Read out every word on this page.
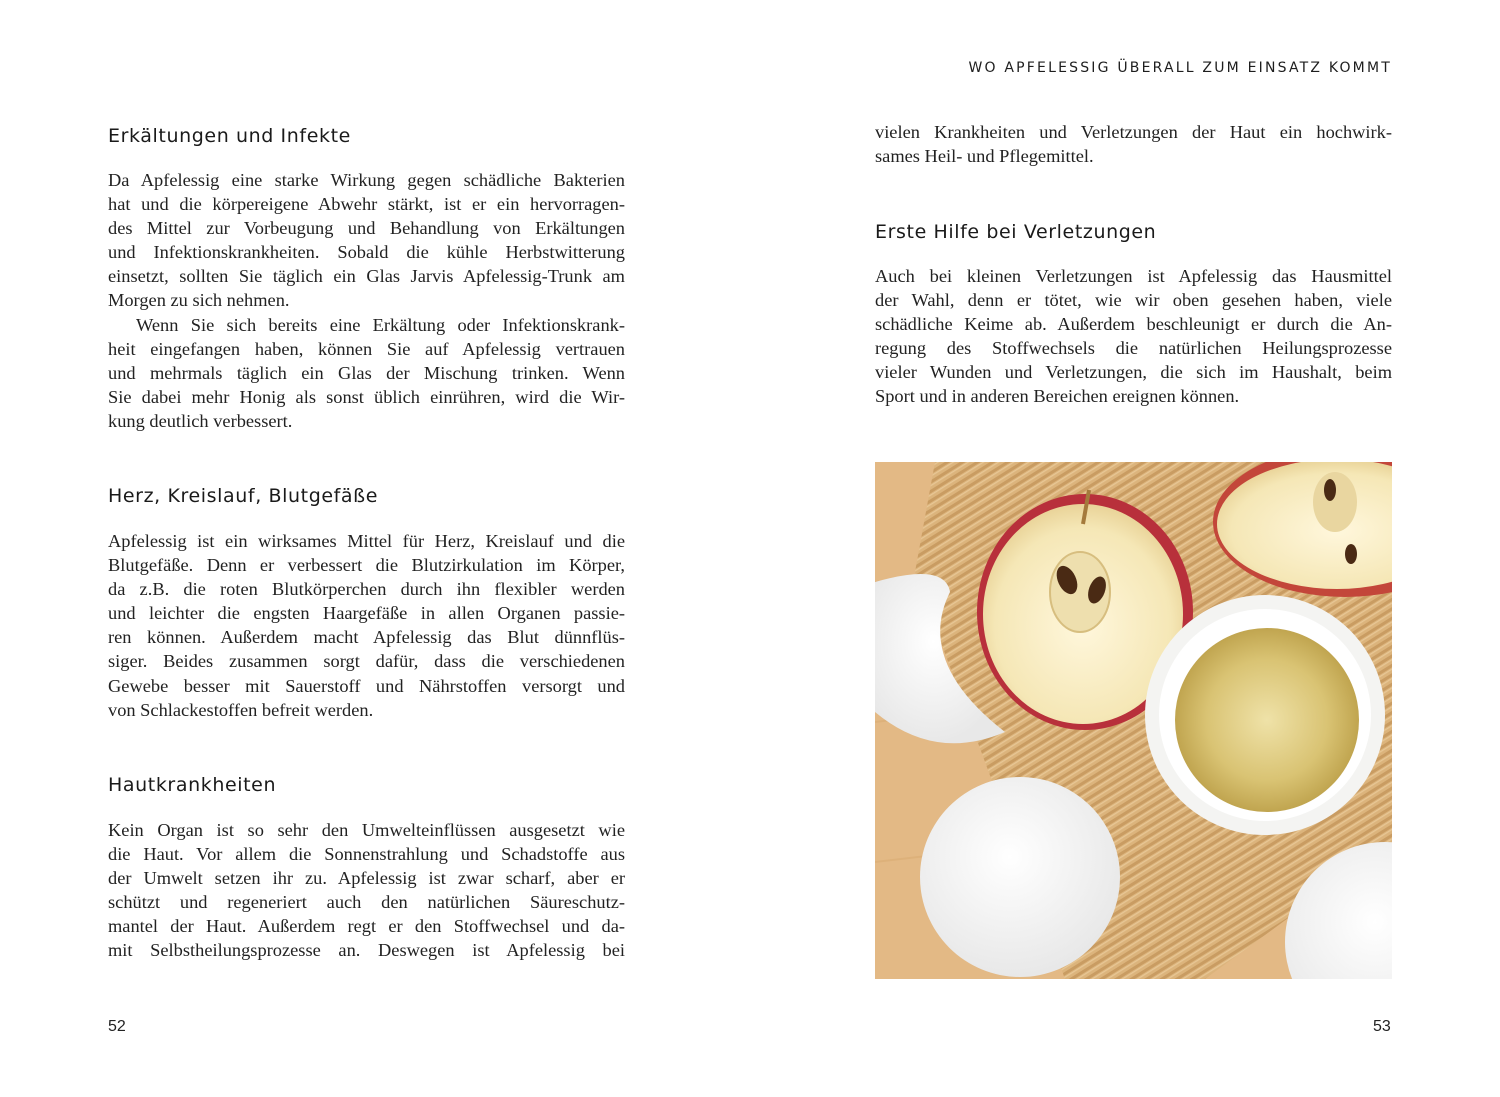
Erkältungen und Infekte
Da Apfelessig eine starke Wirkung gegen schädliche Bakterien
hat und die körpereigene Abwehr stärkt, ist er ein hervorragen-
des Mittel zur Vorbeugung und Behandlung von Erkältungen
und Infektionskrankheiten. Sobald die kühle Herbstwitterung
einsetzt, sollten Sie täglich ein Glas Jarvis Apfelessig-Trunk am
Morgen zu sich nehmen.
Wenn Sie sich bereits eine Erkältung oder Infektionskrank-
heit eingefangen haben, können Sie auf Apfelessig vertrauen
und mehrmals täglich ein Glas der Mischung trinken. Wenn
Sie dabei mehr Honig als sonst üblich einrühren, wird die Wir-
kung deutlich verbessert.
Herz, Kreislauf, Blutgefäße
Apfelessig ist ein wirksames Mittel für Herz, Kreislauf und die
Blutgefäße. Denn er verbessert die Blutzirkulation im Körper,
da z.B. die roten Blutkörperchen durch ihn flexibler werden
und leichter die engsten Haargefäße in allen Organen passie-
ren können. Außerdem macht Apfelessig das Blut dünnflüs-
siger. Beides zusammen sorgt dafür, dass die verschiedenen
Gewebe besser mit Sauerstoff und Nährstoffen versorgt und
von Schlackestoffen befreit werden.
Hautkrankheiten
Kein Organ ist so sehr den Umwelteinflüssen ausgesetzt wie
die Haut. Vor allem die Sonnenstrahlung und Schadstoffe aus
der Umwelt setzen ihr zu. Apfelessig ist zwar scharf, aber er
schützt und regeneriert auch den natürlichen Säureschutz-
mantel der Haut. Außerdem regt er den Stoffwechsel und da-
mit Selbstheilungsprozesse an. Deswegen ist Apfelessig bei
52
WO APFELESSIG ÜBERALL ZUM EINSATZ KOMMT
vielen Krankheiten und Verletzungen der Haut ein hochwirk-
sames Heil- und Pflegemittel.
Erste Hilfe bei Verletzungen
Auch bei kleinen Verletzungen ist Apfelessig das Hausmittel
der Wahl, denn er tötet, wie wir oben gesehen haben, viele
schädliche Keime ab. Außerdem beschleunigt er durch die An-
regung des Stoffwechsels die natürlichen Heilungsprozesse
vieler Wunden und Verletzungen, die sich im Haushalt, beim
Sport und in anderen Bereichen ereignen können.
53
